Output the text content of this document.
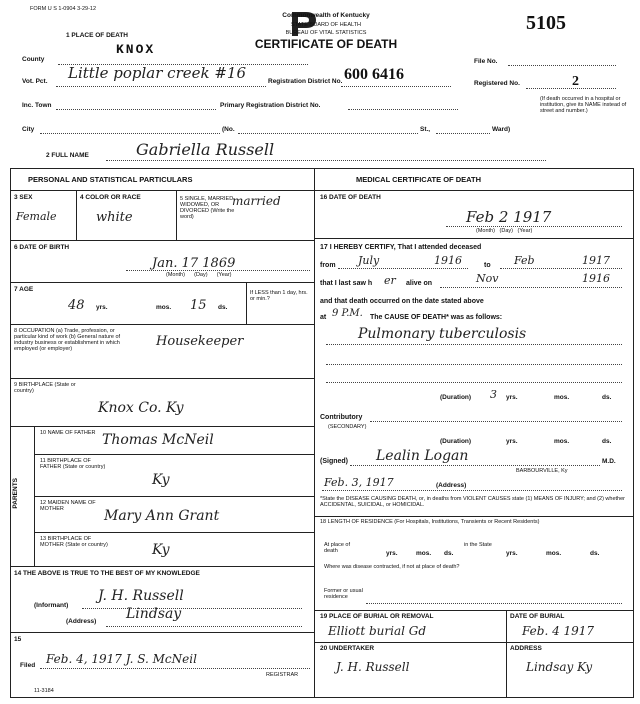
FORM U S 1-0904 3-29-12
1 PLACE OF DEATH
Commonwealth of Kentucky
STATE BOARD OF HEALTH
BUREAU OF VITAL STATISTICS
CERTIFICATE OF DEATH
5105
County
KNOX
File No.
Vot. Pct. Little poplar creek #16	Registration District No. 600 6416
Registered No.	2
Inc. Town	Primary Registration District No.
(If death occurred in a hospital or institution, give its NAME instead of street and number.)
City	(No.	St.,	Ward)
2 FULL NAME	Gabriella Russell
PERSONAL AND STATISTICAL PARTICULARS	MEDICAL CERTIFICATE OF DEATH
3 SEX
Female
4 COLOR OR RACE
white
5 SINGLE, MARRIED WIDOWED, OR DIVORCED (Write the word)
married
6 DATE OF BIRTH
Jan. 17 1869
(Month)      (Day)      (Year)
7 AGE
48 yrs.	mos. 15 ds.
If LESS than 1 day, hrs. or min.?
8 OCCUPATION (a) Trade, profession, or particular kind of work (b) General nature of industry business or establishment in which employed (or employer)	Housekeeper
9 BIRTHPLACE (State or country)
Knox Co. Ky
PARENTS
10 NAME OF FATHER Thomas McNeil
11 BIRTHPLACE OF FATHER (State or country)
Ky
12 MAIDEN NAME OF MOTHER	Mary Ann Grant
13 BIRTHPLACE OF MOTHER (State or country)	Ky
14 THE ABOVE IS TRUE TO THE BEST OF MY KNOWLEDGE
(Informant)
J. H. Russell
(Address) Lindsay
15
Filed Feb. 4, 1917 J. S. McNeil
REGISTRAR
11-3184
16 DATE OF DEATH
Feb 2 1917
(Month)   (Day)   (Year)
17 I HEREBY CERTIFY, That I attended deceased
from July	1916	to Feb	1917
that I last saw h er alive on	Nov	1916
and that death occurred on the date stated above
at 9 P.M. The CAUSE OF DEATH* was as follows:
Pulmonary tuberculosis
(Duration) 3 yrs.	mos.	ds.
Contributory
(SECONDARY)
(Duration)	yrs.	mos.	ds.
(Signed) Lealin Logan	M.D.
BARBOURVILLE, Ky
Feb. 3, 1917	(Address)
*State the DISEASE CAUSING DEATH, or, in deaths from VIOLENT CAUSES state (1) MEANS OF INJURY; and (2) whether ACCIDENTAL, SUICIDAL, or HOMICIDAL.
18 LENGTH OF RESIDENCE (For Hospitals, Institutions, Transients or Recent Residents)
At place of death	yrs.	mos. ds.
in the State
yrs.	mos.	ds.
Where was disease contracted, if not at place of death?
Former or usual residence
19 PLACE OF BURIAL OR REMOVAL
Elliott burial Gd
DATE OF BURIAL
Feb. 4 1917
20 UNDERTAKER
J. H. Russell
ADDRESS
Lindsay Ky
